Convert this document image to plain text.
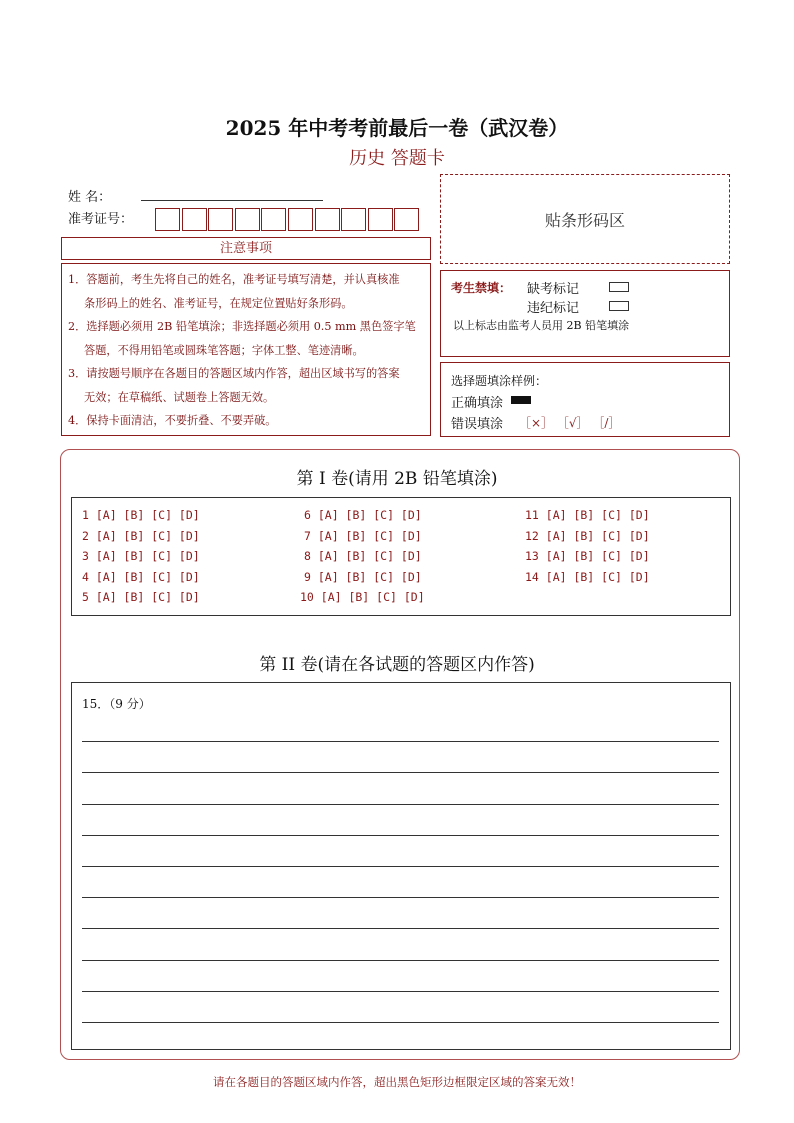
2025 年中考考前最后一卷（武汉卷）
历史 答题卡
姓 名：
准考证号：	贴条形码区
注意事项

1．答题前，考生先将自己的姓名，准考证号填写清楚，并认真核准

条形码上的姓名、准考证号，在规定位置贴好条形码。

2．选择题必须用 2B 铅笔填涂；非选择题必须用 0.5 mm 黑色签字笔

答题，不得用铅笔或圆珠笔答题；字体工整、笔迹清晰。

3．请按题号顺序在各题目的答题区域内作答，超出区域书写的答案

无效；在草稿纸、试题卷上答题无效。

4．保持卡面清洁，不要折叠、不要弄破。

考生禁填： 缺考标记
违纪标记
以上标志由监考人员用 2B 铅笔填涂
选择题填涂样例：
正确填涂
错误填涂 ［×］ ［√］ ［/］
第 I 卷(请用 2B 铅笔填涂)
1 [A] [B] [C] [D]
2 [A] [B] [C] [D]
3 [A] [B] [C] [D]
4 [A] [B] [C] [D]
5 [A] [B] [C] [D]
6 [A] [B] [C] [D]
7 [A] [B] [C] [D]
8 [A] [B] [C] [D]
9 [A] [B] [C] [D]
10 [A] [B] [C] [D]
11 [A] [B] [C] [D]
12 [A] [B] [C] [D]
13 [A] [B] [C] [D]
14 [A] [B] [C] [D]
第 II 卷(请在各试题的答题区内作答)
15．（9 分）
请在各题目的答题区域内作答，超出黑色矩形边框限定区域的答案无效！
